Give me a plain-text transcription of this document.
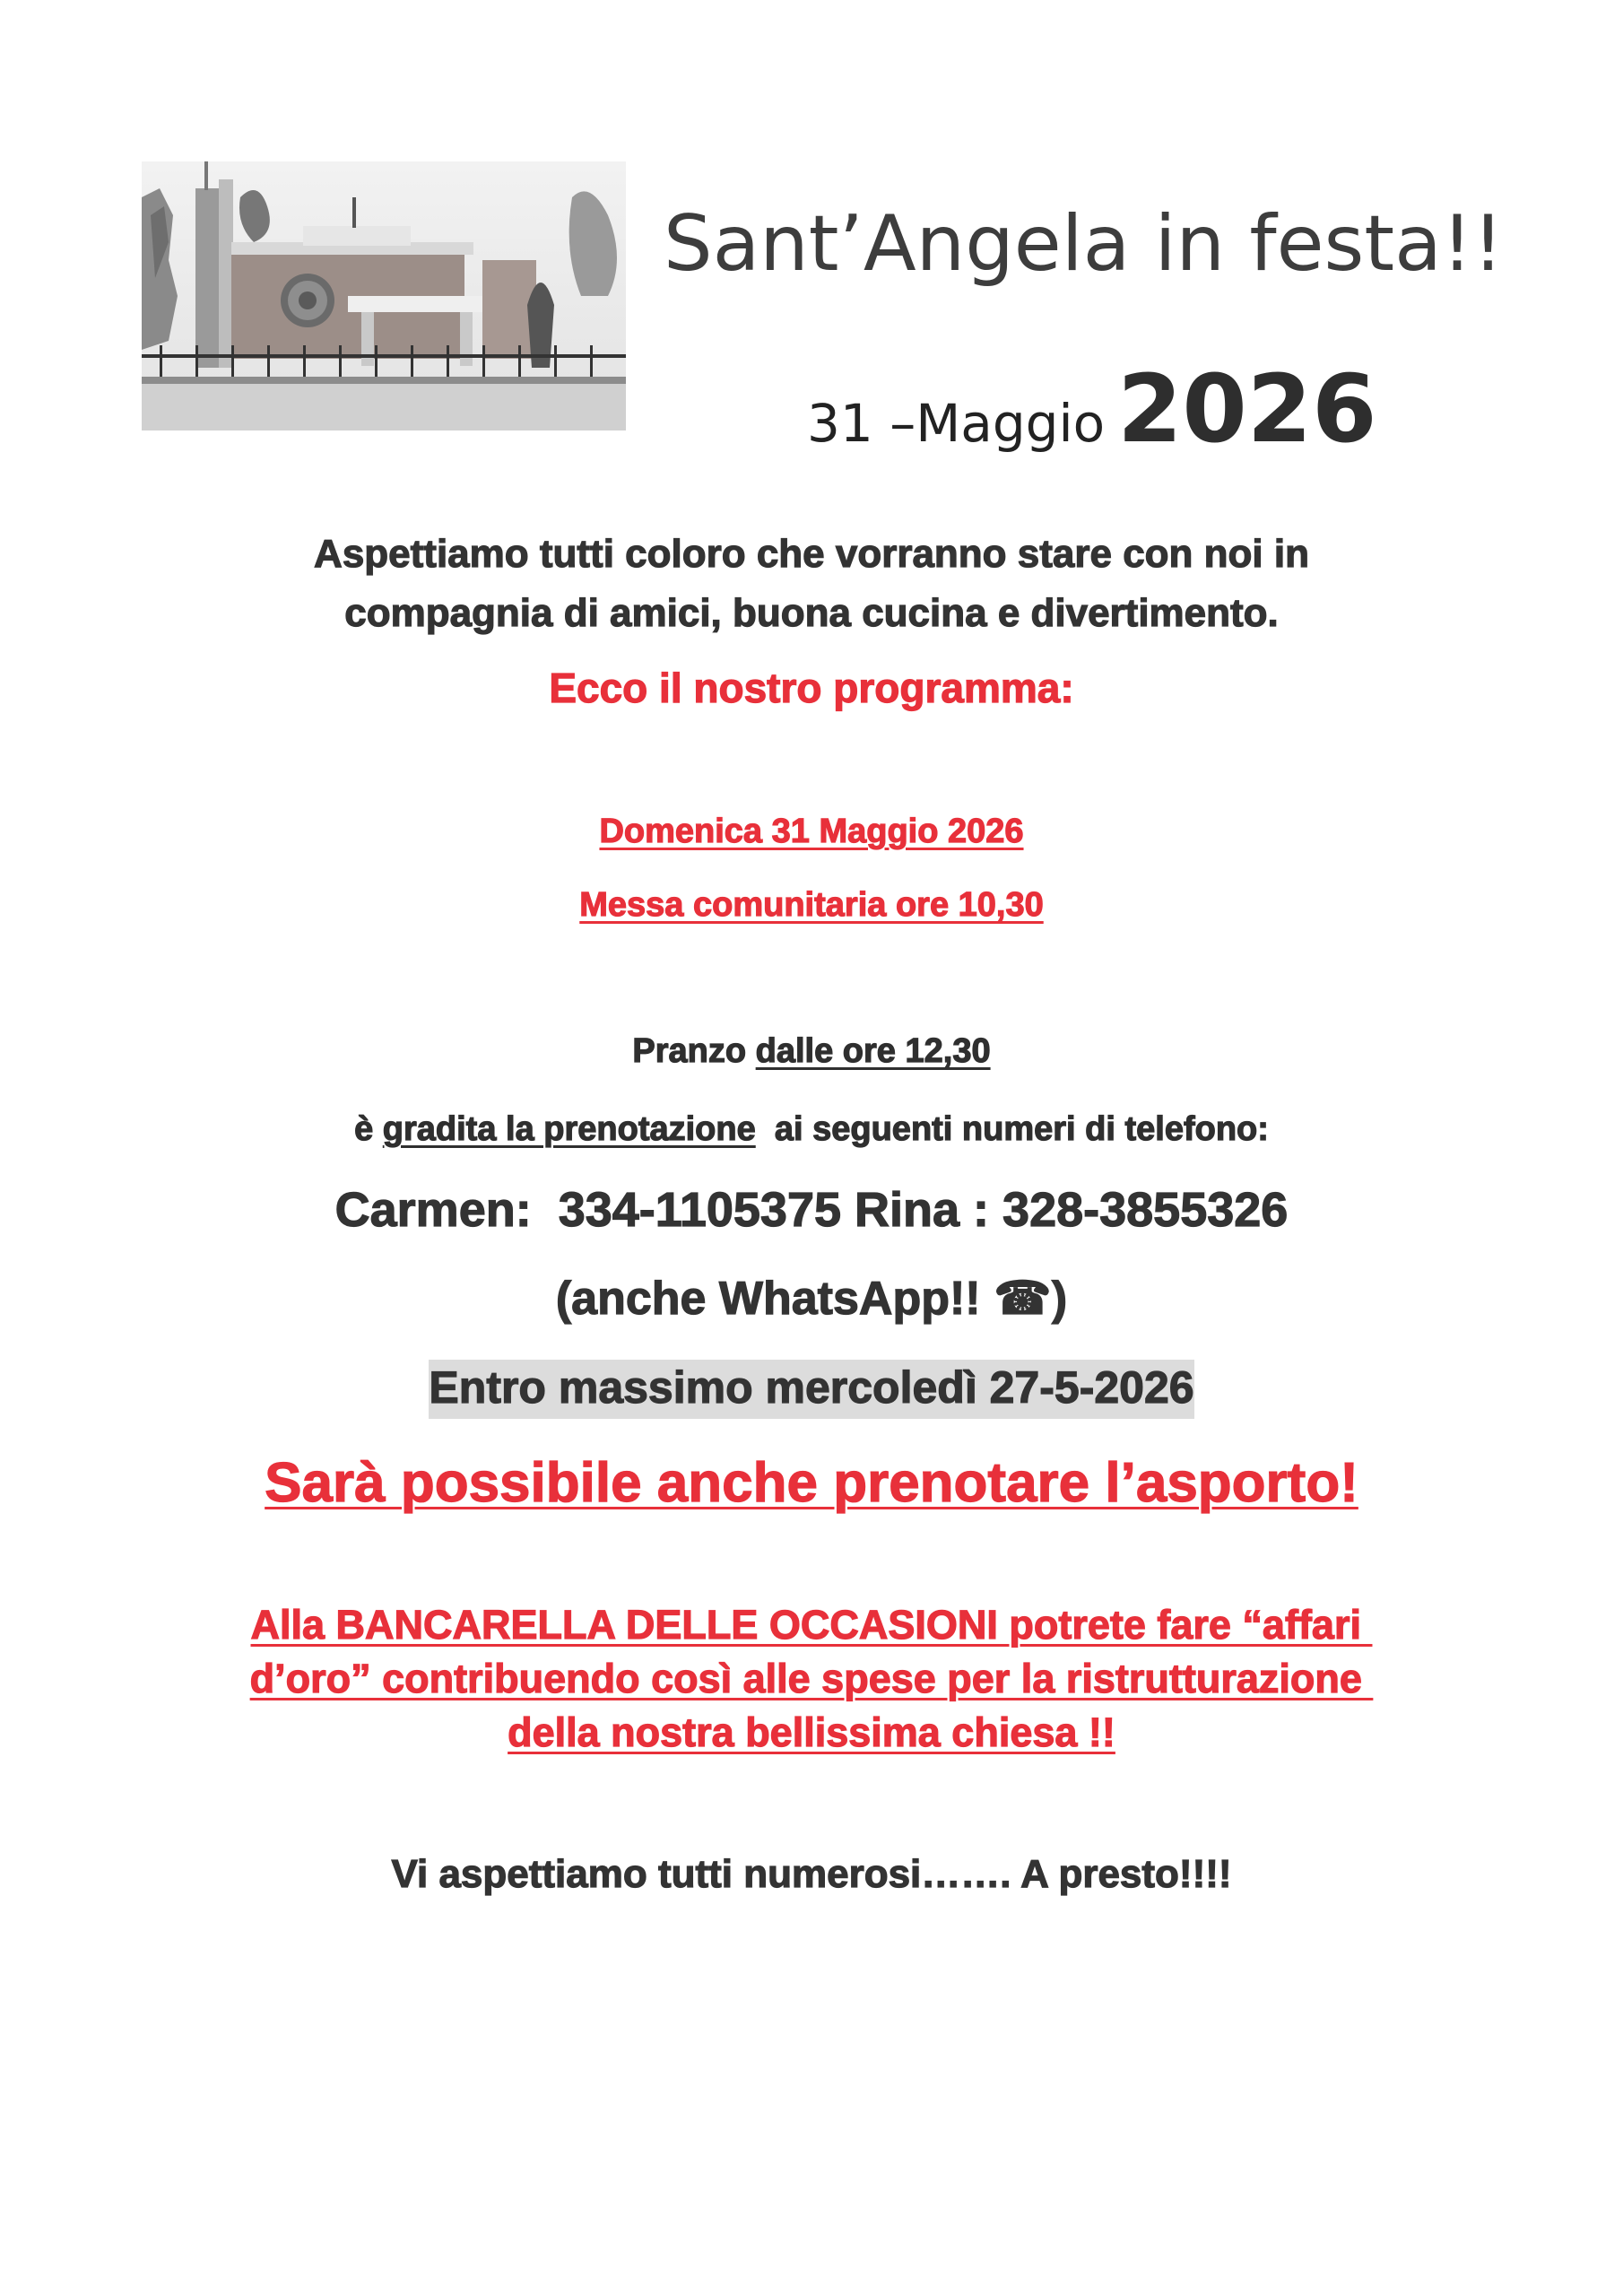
Sant’Angela in festa!!
31 –Maggio 2026
Aspettiamo tutti coloro che vorranno stare con noi in
compagnia di amici, buona cucina e divertimento.
Ecco il nostro programma:
Domenica 31 Maggio 2026
Messa comunitaria ore 10,30
Pranzo dalle ore 12,30
è gradita la prenotazione  ai seguenti numeri di telefono:
Carmen:  334-1105375 Rina : 328-3855326
(anche WhatsApp!! ☎)
Entro massimo mercoledì 27-5-2026
Sarà possibile anche prenotare l’asporto!
Alla BANCARELLA DELLE OCCASIONI potrete fare “affari
d’oro” contribuendo così alle spese per la ristrutturazione
della nostra bellissima chiesa !!
Vi aspettiamo tutti numerosi……. A presto!!!!
